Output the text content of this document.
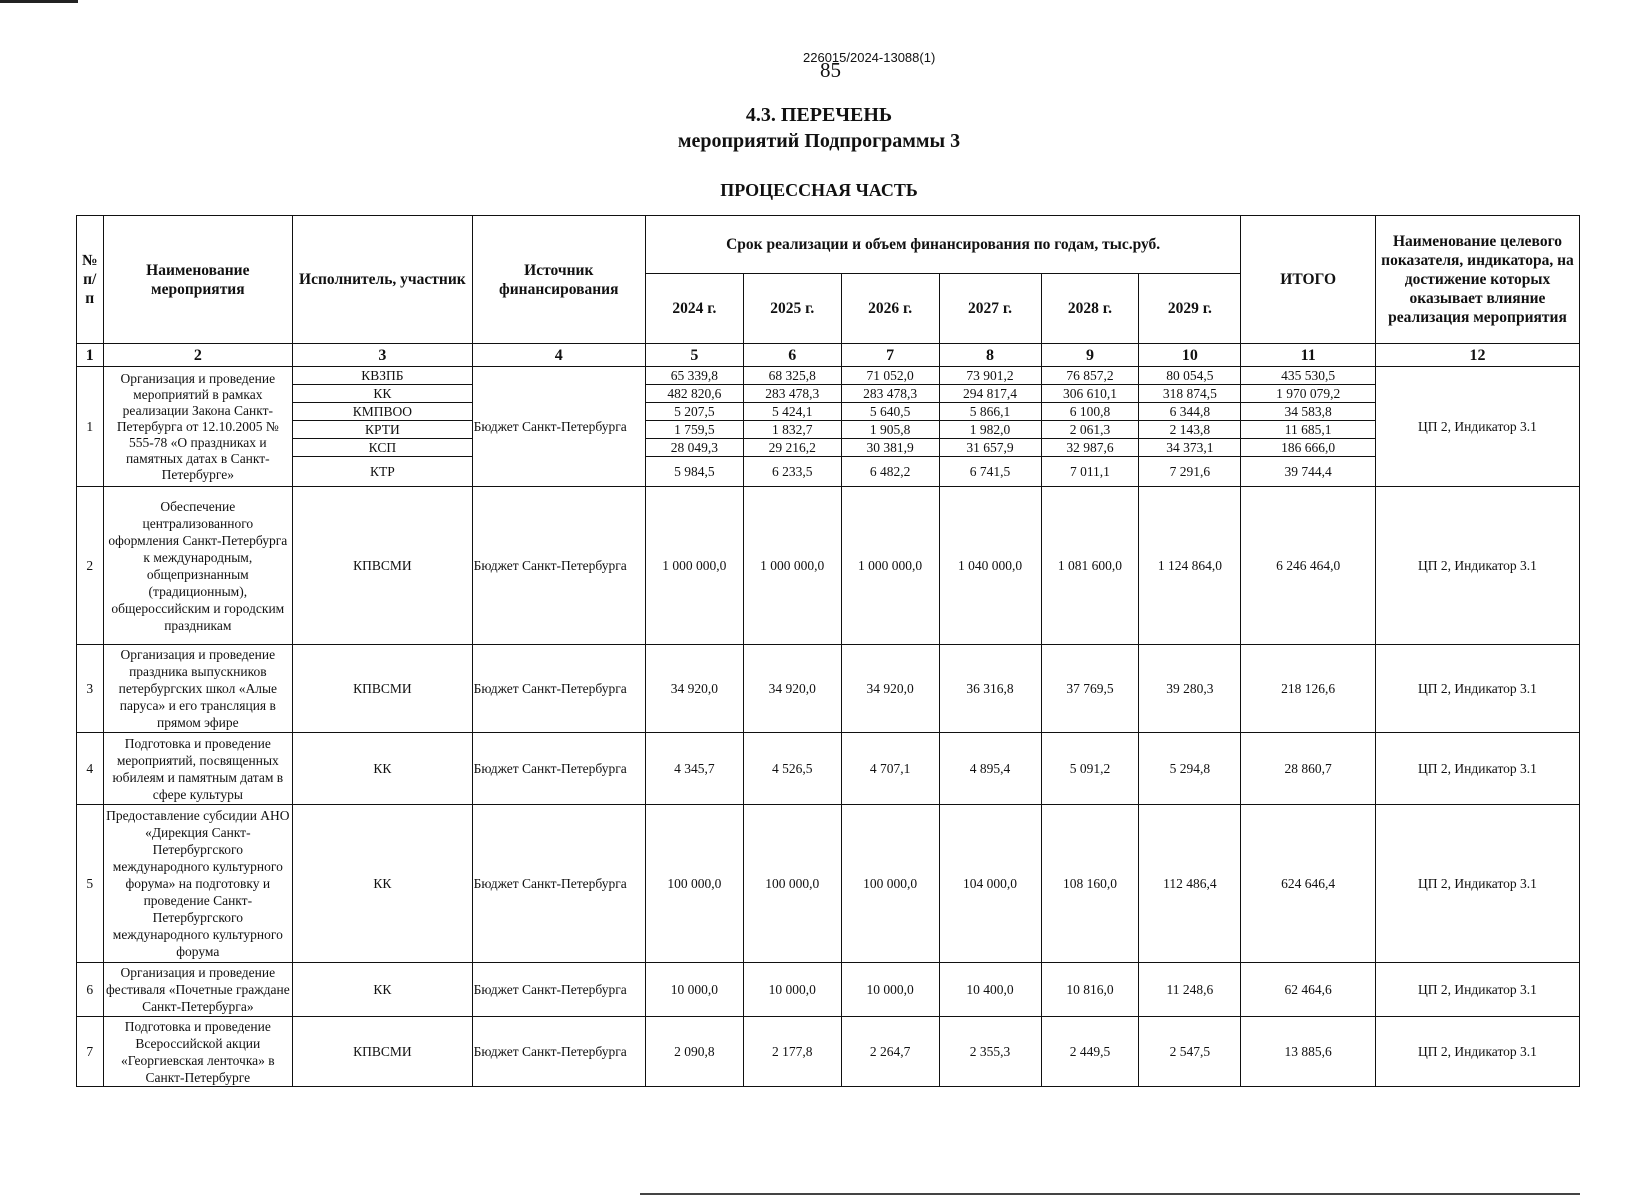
226015/2024-13088(1)
85
4.3. ПЕРЕЧЕНЬ
мероприятий Подпрограммы 3
ПРОЦЕССНАЯ ЧАСТЬ
№ п/п	Наименование мероприятия	Исполнитель, участник	Источник финансирования	Срок реализации и объем финансирования по годам, тыс.руб.						ИТОГО	Наименование целевого показателя, индикатора, на достижение которых оказывает влияние реализация мероприятия
				2024 г.	2025 г.	2026 г.	2027 г.	2028 г.	2029 г.		
1	2	3	4	5	6	7	8	9	10	11	12
1	Организация и проведение мероприятий в рамках реализации Закона Санкт-Петербурга от 12.10.2005 № 555-78 «О праздниках и памятных датах в Санкт-Петербурге»	КВЗПБ	Бюджет Санкт-Петербурга	65 339,8	68 325,8	71 052,0	73 901,2	76 857,2	80 054,5	435 530,5	ЦП 2, Индикатор 3.1
		КК		482 820,6	283 478,3	283 478,3	294 817,4	306 610,1	318 874,5	1 970 079,2	
		КМПВОО		5 207,5	5 424,1	5 640,5	5 866,1	6 100,8	6 344,8	34 583,8	
		КРТИ		1 759,5	1 832,7	1 905,8	1 982,0	2 061,3	2 143,8	11 685,1	
		КСП		28 049,3	29 216,2	30 381,9	31 657,9	32 987,6	34 373,1	186 666,0	
		КТР		5 984,5	6 233,5	6 482,2	6 741,5	7 011,1	7 291,6	39 744,4	
2	Обеспечение централизованного оформления Санкт-Петербурга к международным, общепризнанным (традиционным), общероссийским и городским праздникам	КПВСМИ	Бюджет Санкт-Петербурга	1 000 000,0	1 000 000,0	1 000 000,0	1 040 000,0	1 081 600,0	1 124 864,0	6 246 464,0	ЦП 2, Индикатор 3.1
3	Организация и проведение праздника выпускников петербургских школ «Алые паруса» и его трансляция в прямом эфире	КПВСМИ	Бюджет Санкт-Петербурга	34 920,0	34 920,0	34 920,0	36 316,8	37 769,5	39 280,3	218 126,6	ЦП 2, Индикатор 3.1
4	Подготовка и проведение мероприятий, посвященных юбилеям и памятным датам в сфере культуры	КК	Бюджет Санкт-Петербурга	4 345,7	4 526,5	4 707,1	4 895,4	5 091,2	5 294,8	28 860,7	ЦП 2, Индикатор 3.1
5	Предоставление субсидии АНО «Дирекция Санкт-Петербургского международного культурного форума» на подготовку и проведение Санкт-Петербургского международного культурного форума	КК	Бюджет Санкт-Петербурга	100 000,0	100 000,0	100 000,0	104 000,0	108 160,0	112 486,4	624 646,4	ЦП 2, Индикатор 3.1
6	Организация и проведение фестиваля «Почетные граждане Санкт-Петербурга»	КК	Бюджет Санкт-Петербурга	10 000,0	10 000,0	10 000,0	10 400,0	10 816,0	11 248,6	62 464,6	ЦП 2, Индикатор 3.1
7	Подготовка и проведение Всероссийской акции «Георгиевская ленточка» в Санкт-Петербурге	КПВСМИ	Бюджет Санкт-Петербурга	2 090,8	2 177,8	2 264,7	2 355,3	2 449,5	2 547,5	13 885,6	ЦП 2, Индикатор 3.1
